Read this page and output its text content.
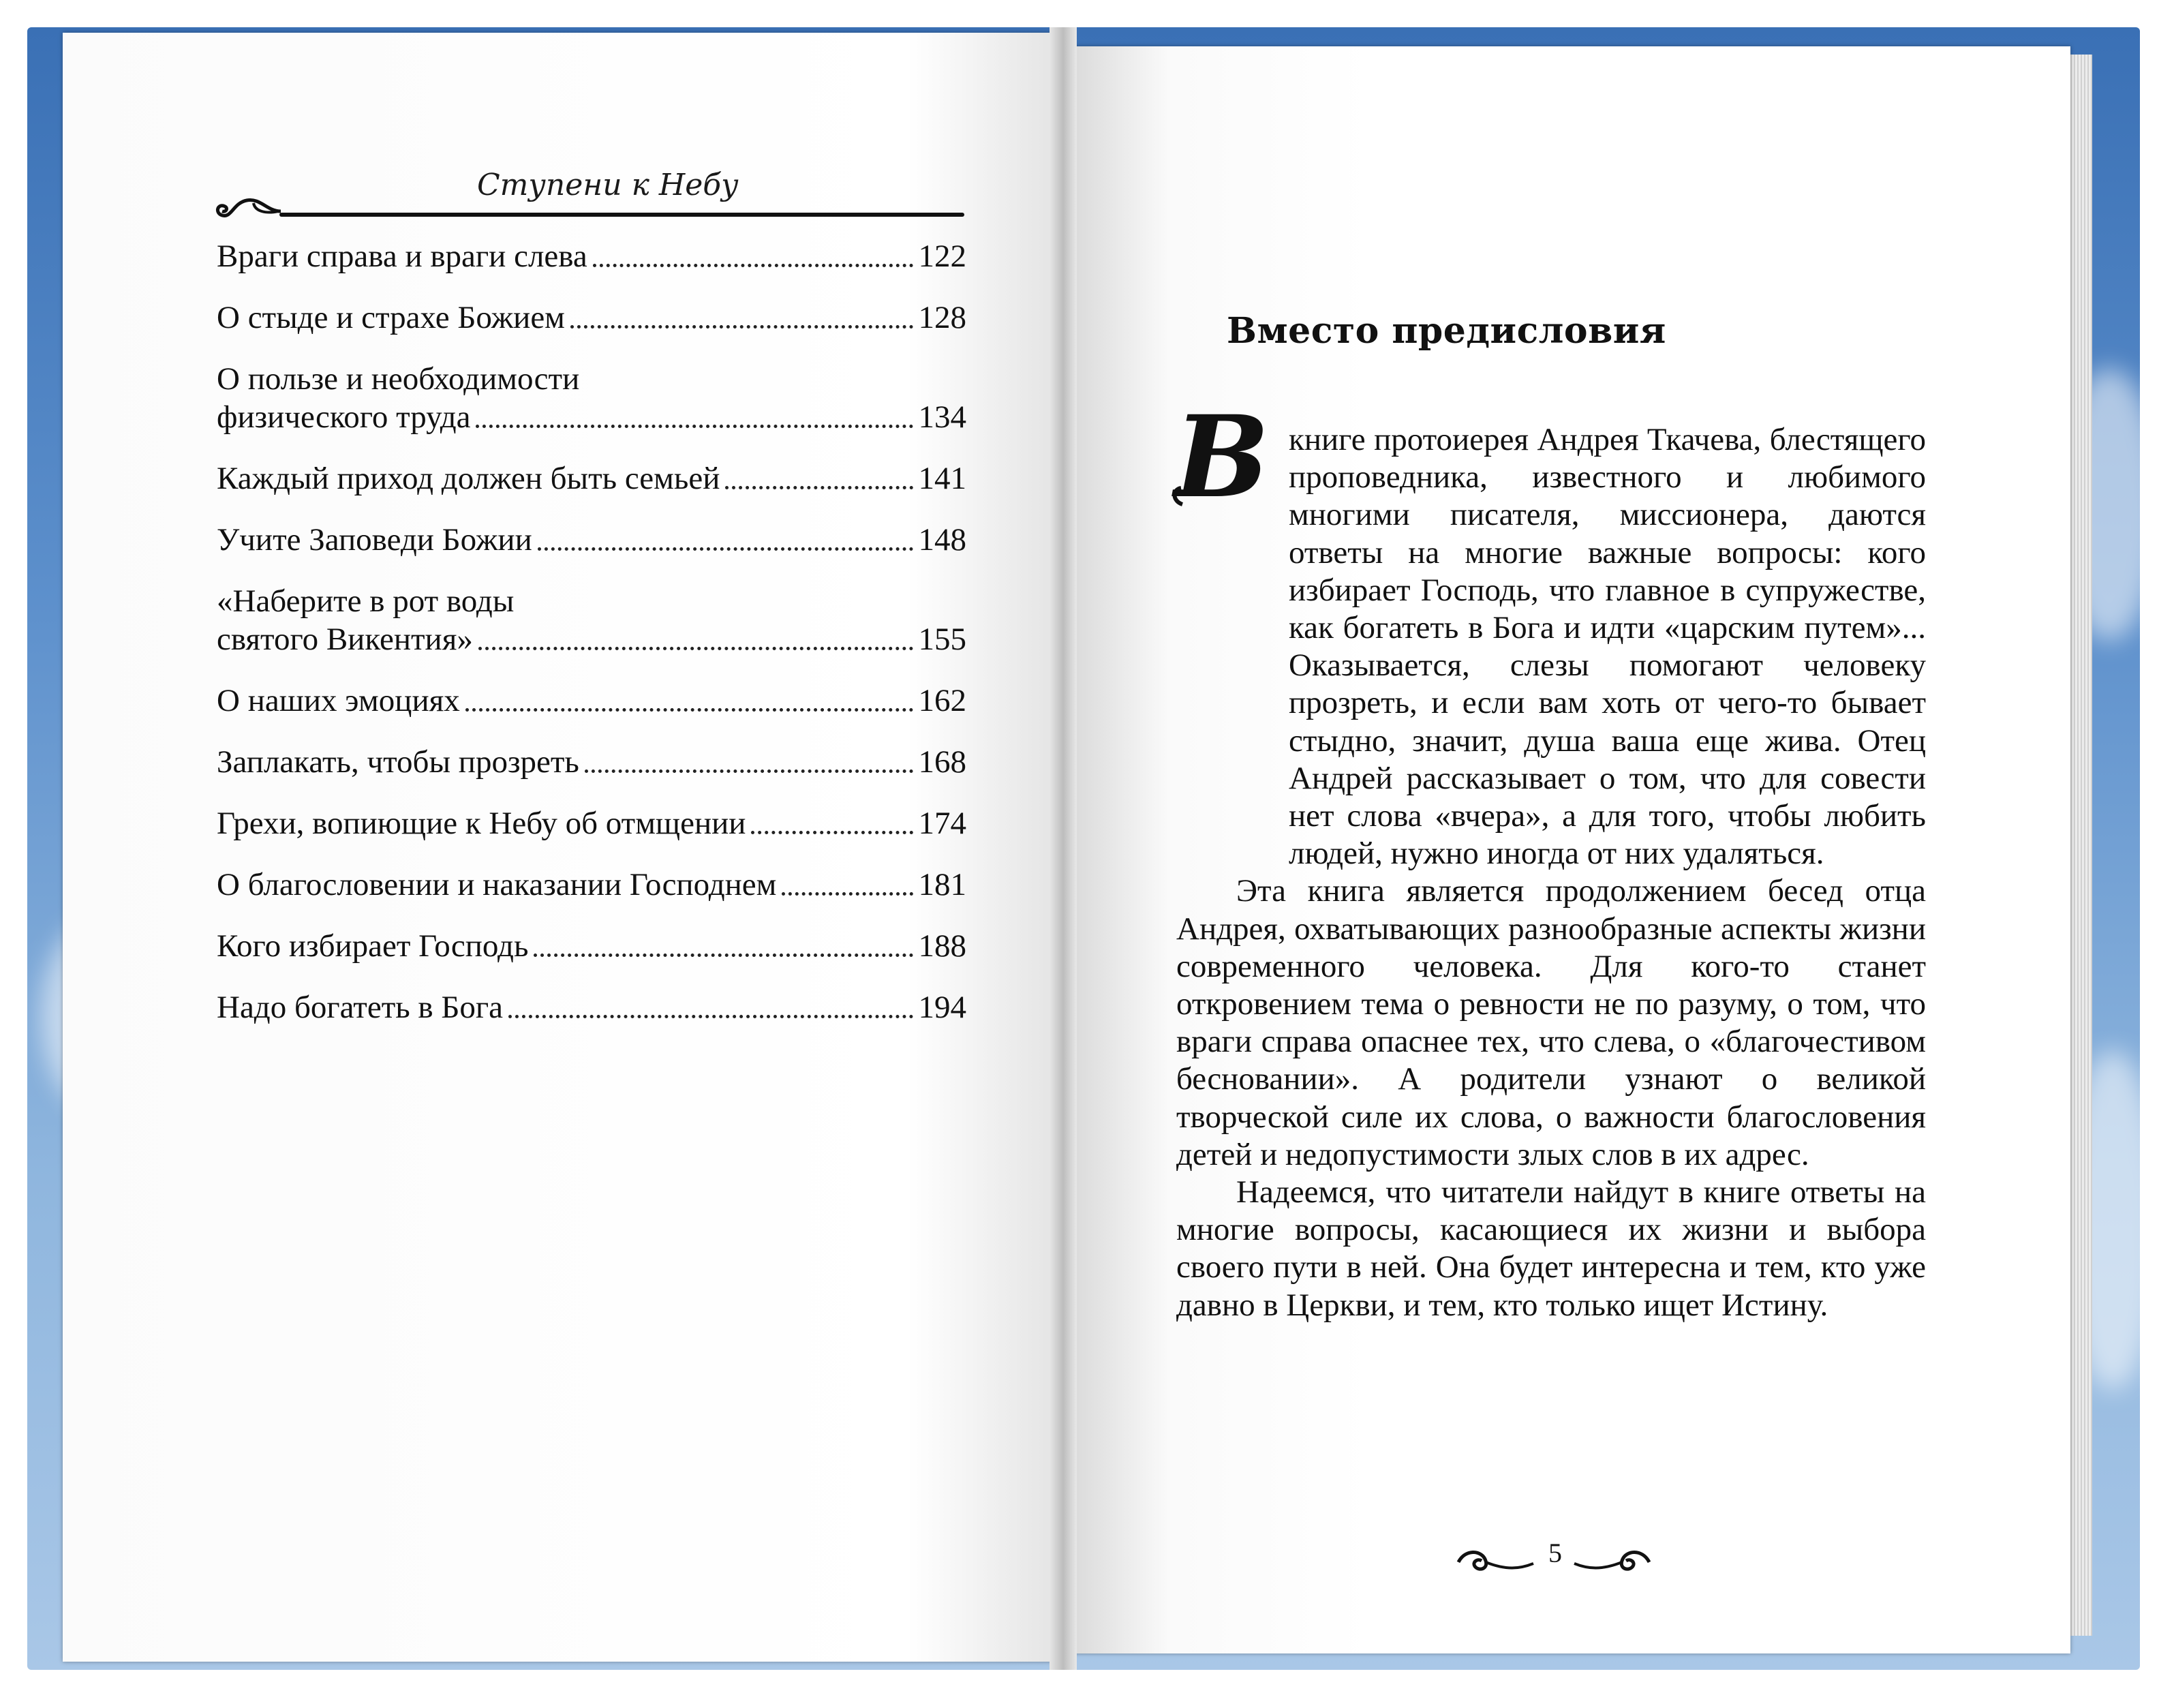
Ступени к Небу
Враги справа и враги слева	122
О стыде и страхе Божием	128
О пользе и необходимости
физического труда	134
Каждый приход должен быть семьей	141
Учите Заповеди Божии	148
«Наберите в рот воды
святого Викентия»	155
О наших эмоциях	162
Заплакать, чтобы прозреть	168
Грехи, вопиющие к Небу об отмщении	174
О благословении и наказании Господнем	181
Кого избирает Господь	188
Надо богатеть в Бога	194
Вместо предисловия
В книге протоиерея Андрея Ткачева, блестящего проповедника, известного и любимого многими писателя, миссионера, даются ответы на многие важные вопросы: кого избирает Господь, что главное в супружестве, как богатеть в Бога и идти «царским путем»... Оказывается, слезы помогают человеку прозреть, и если вам хоть от чего-то бывает стыдно, значит, душа ваша еще жива. Отец Андрей рассказывает о том, что для совести нет слова «вчера», а для того, чтобы любить людей, нужно иногда от них удаляться.

Эта книга является продолжением бесед отца Андрея, охватывающих разнообразные аспекты жизни современного человека. Для кого-то станет откровением тема о ревности не по разуму, о том, что враги справа опаснее тех, что слева, о «благочестивом бесновании». А родители узнают о великой творческой силе их слова, о важности благословения детей и недопустимости злых слов в их адрес.

Надеемся, что читатели найдут в книге ответы на многие вопросы, касающиеся их жизни и выбора своего пути в ней. Она будет интересна и тем, кто уже давно в Церкви, и тем, кто только ищет Истину.

5
